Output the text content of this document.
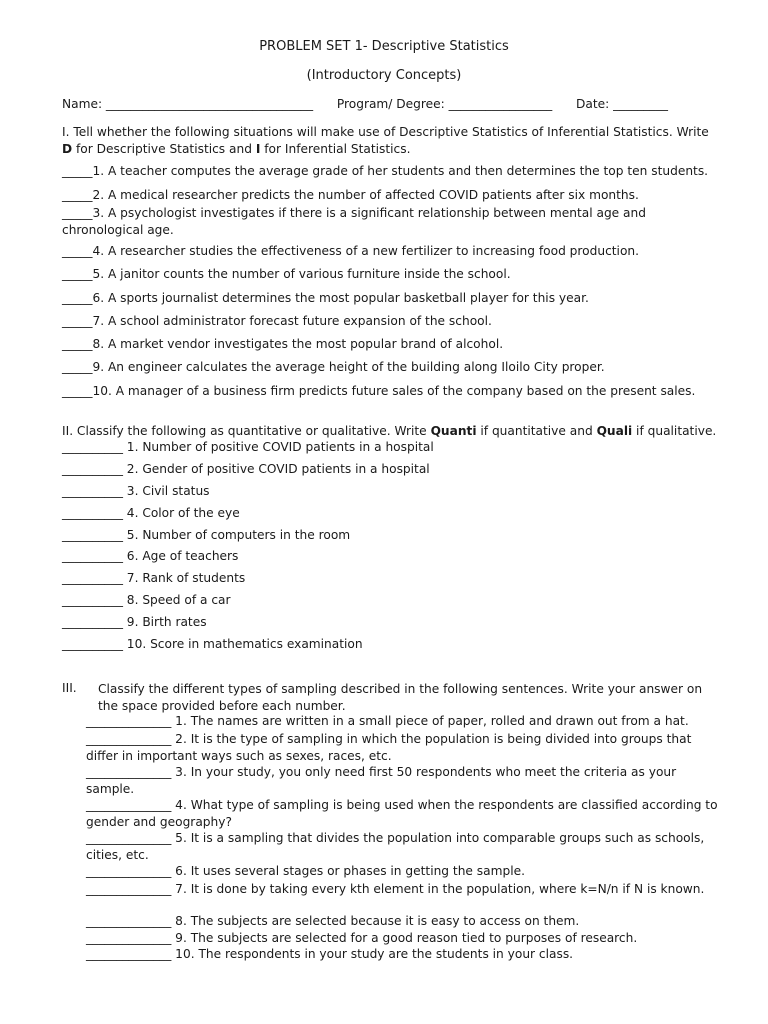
PROBLEM SET 1- Descriptive Statistics
(Introductory Concepts)
Name: __________________________________ Program/ Degree: _________________ Date: _________
I. Tell whether the following situations will make use of Descriptive Statistics of Inferential Statistics. Write D for Descriptive Statistics and I for Inferential Statistics.
_____1. A teacher computes the average grade of her students and then determines the top ten students.
_____2. A medical researcher predicts the number of affected COVID patients after six months.
_____3. A psychologist investigates if there is a significant relationship between mental age and chronological age.
_____4. A researcher studies the effectiveness of a new fertilizer to increasing food production.
_____5. A janitor counts the number of various furniture inside the school.
_____6. A sports journalist determines the most popular basketball player for this year.
_____7. A school administrator forecast future expansion of the school.
_____8. A market vendor investigates the most popular brand of alcohol.
_____9. An engineer calculates the average height of the building along Iloilo City proper.
_____10. A manager of a business firm predicts future sales of the company based on the present sales.
II. Classify the following as quantitative or qualitative. Write Quanti if quantitative and Quali if qualitative.
__________ 1. Number of positive COVID patients in a hospital
__________ 2. Gender of positive COVID patients in a hospital
__________ 3. Civil status
__________ 4. Color of the eye
__________ 5. Number of computers in the room
__________ 6. Age of teachers
__________ 7. Rank of students
__________ 8. Speed of a car
__________ 9. Birth rates
__________ 10. Score in mathematics examination
III. Classify the different types of sampling described in the following sentences. Write your answer on the space provided before each number.
______________ 1. The names are written in a small piece of paper, rolled and drawn out from a hat.
______________ 2. It is the type of sampling in which the population is being divided into groups that differ in important ways such as sexes, races, etc.
______________ 3. In your study, you only need first 50 respondents who meet the criteria as your sample.
______________ 4. What type of sampling is being used when the respondents are classified according to gender and geography?
______________ 5. It is a sampling that divides the population into comparable groups such as schools, cities, etc.
______________ 6. It uses several stages or phases in getting the sample.
______________ 7. It is done by taking every kth element in the population, where k=N/n if N is known.
______________ 8. The subjects are selected because it is easy to access on them.
______________ 9. The subjects are selected for a good reason tied to purposes of research.
______________ 10. The respondents in your study are the students in your class.
